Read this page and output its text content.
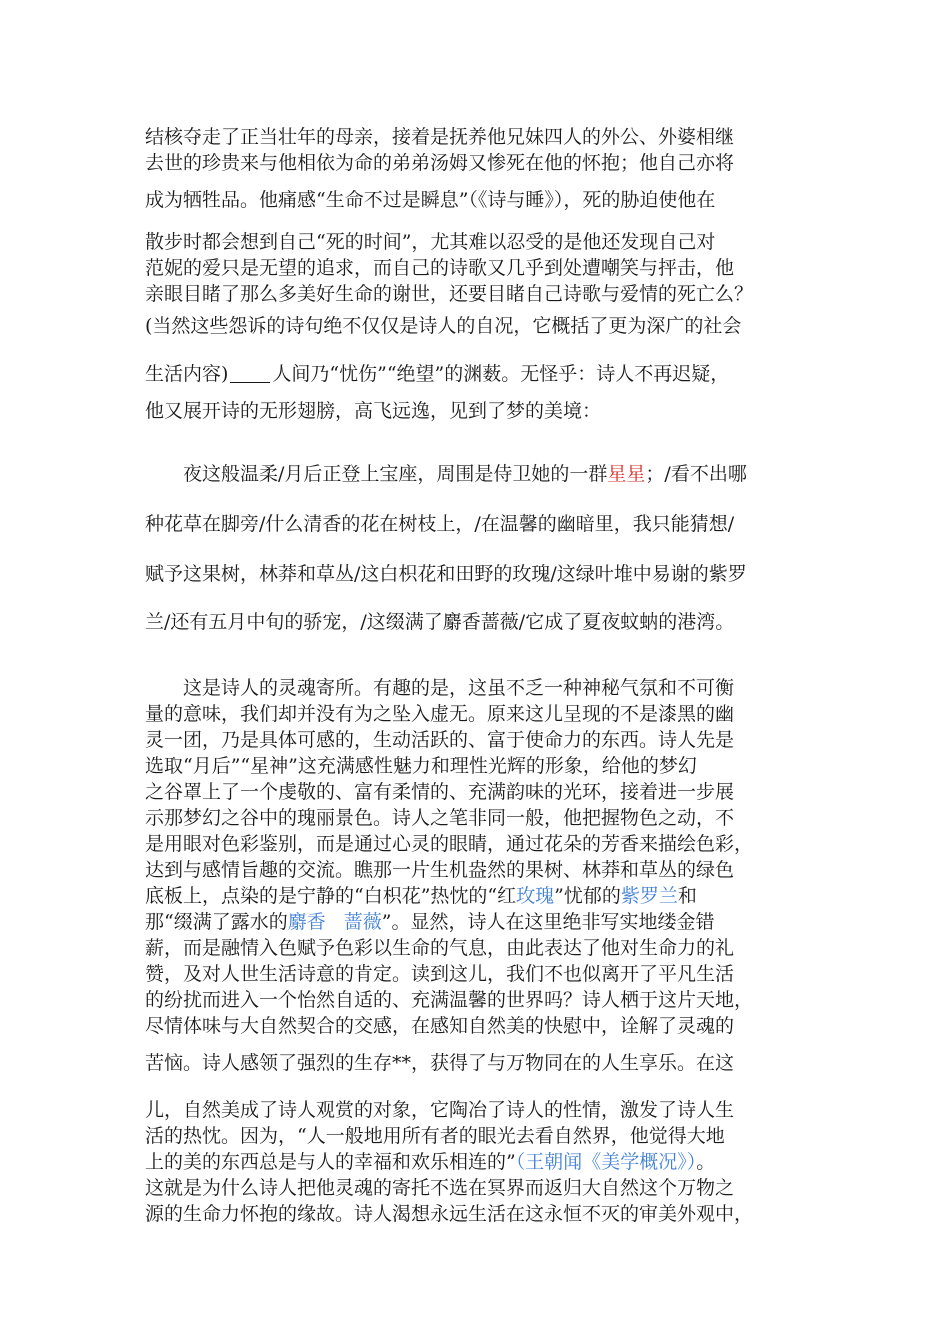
结核夺走了正当壮年的母亲，接着是抚养他兄妹四人的外公、外婆相继
去世的珍贵来与他相依为命的弟弟汤姆又惨死在他的怀抱；他自己亦将
成为牺牲品。他痛感“生命不过是瞬息”（《诗与睡》），死的胁迫使他在
散步时都会想到自己“死的时间”，尤其难以忍受的是他还发现自己对
范妮的爱只是无望的追求，而自己的诗歌又几乎到处遭嘲笑与抨击，他
亲眼目睹了那么多美好生命的谢世，还要目睹自己诗歌与爱情的死亡么？
(当然这些怨诉的诗句绝不仅仅是诗人的自况，它概括了更为深广的社会
生活内容) 人间乃“忧伤”“绝望”的渊薮。无怪乎：诗人不再迟疑，
他又展开诗的无形翅膀，高飞远逸，见到了梦的美境：
夜这般温柔/月后正登上宝座，周围是侍卫她的一群星星；/看不出哪
种花草在脚旁/什么清香的花在树枝上，/在温馨的幽暗里，我只能猜想/
赋予这果树，林莽和草丛/这白枳花和田野的玫瑰/这绿叶堆中易谢的紫罗
兰/还有五月中旬的骄宠，/这缀满了麝香蔷薇/它成了夏夜蚊蚋的港湾。
这是诗人的灵魂寄所。有趣的是，这虽不乏一种神秘气氛和不可衡
量的意味，我们却并没有为之坠入虚无。原来这儿呈现的不是漆黑的幽
灵一团，乃是具体可感的，生动活跃的、富于使命力的东西。诗人先是
选取“月后”“星神”这充满感性魅力和理性光辉的形象，给他的梦幻
之谷罩上了一个虔敬的、富有柔情的、充满韵味的光环，接着进一步展
示那梦幻之谷中的瑰丽景色。诗人之笔非同一般，他把握物色之动，不
是用眼对色彩鉴别，而是通过心灵的眼睛，通过花朵的芳香来描绘色彩，
达到与感情旨趣的交流。瞧那一片生机盎然的果树、林莽和草丛的绿色
底板上，点染的是宁静的“白枳花”热忱的“红玫瑰”忧郁的紫罗兰和
那“缀满了露水的麝香 蔷薇”。显然，诗人在这里绝非写实地缕金错
薪，而是融情入色赋予色彩以生命的气息，由此表达了他对生命力的礼
赞，及对人世生活诗意的肯定。读到这儿，我们不也似离开了平凡生活
的纷扰而进入一个怡然自适的、充满温馨的世界吗？诗人栖于这片天地，
尽情体味与大自然契合的交感，在感知自然美的快慰中，诠解了灵魂的
苦恼。诗人感领了强烈的生存**，获得了与万物同在的人生享乐。在这
儿，自然美成了诗人观赏的对象，它陶冶了诗人的性情，激发了诗人生
活的热忱。因为，“人一般地用所有者的眼光去看自然界，他觉得大地
上的美的东西总是与人的幸福和欢乐相连的”（王朝闻《美学概况》）。
这就是为什么诗人把他灵魂的寄托不选在冥界而返归大自然这个万物之
源的生命力怀抱的缘故。诗人渴想永远生活在这永恒不灭的审美外观中，
